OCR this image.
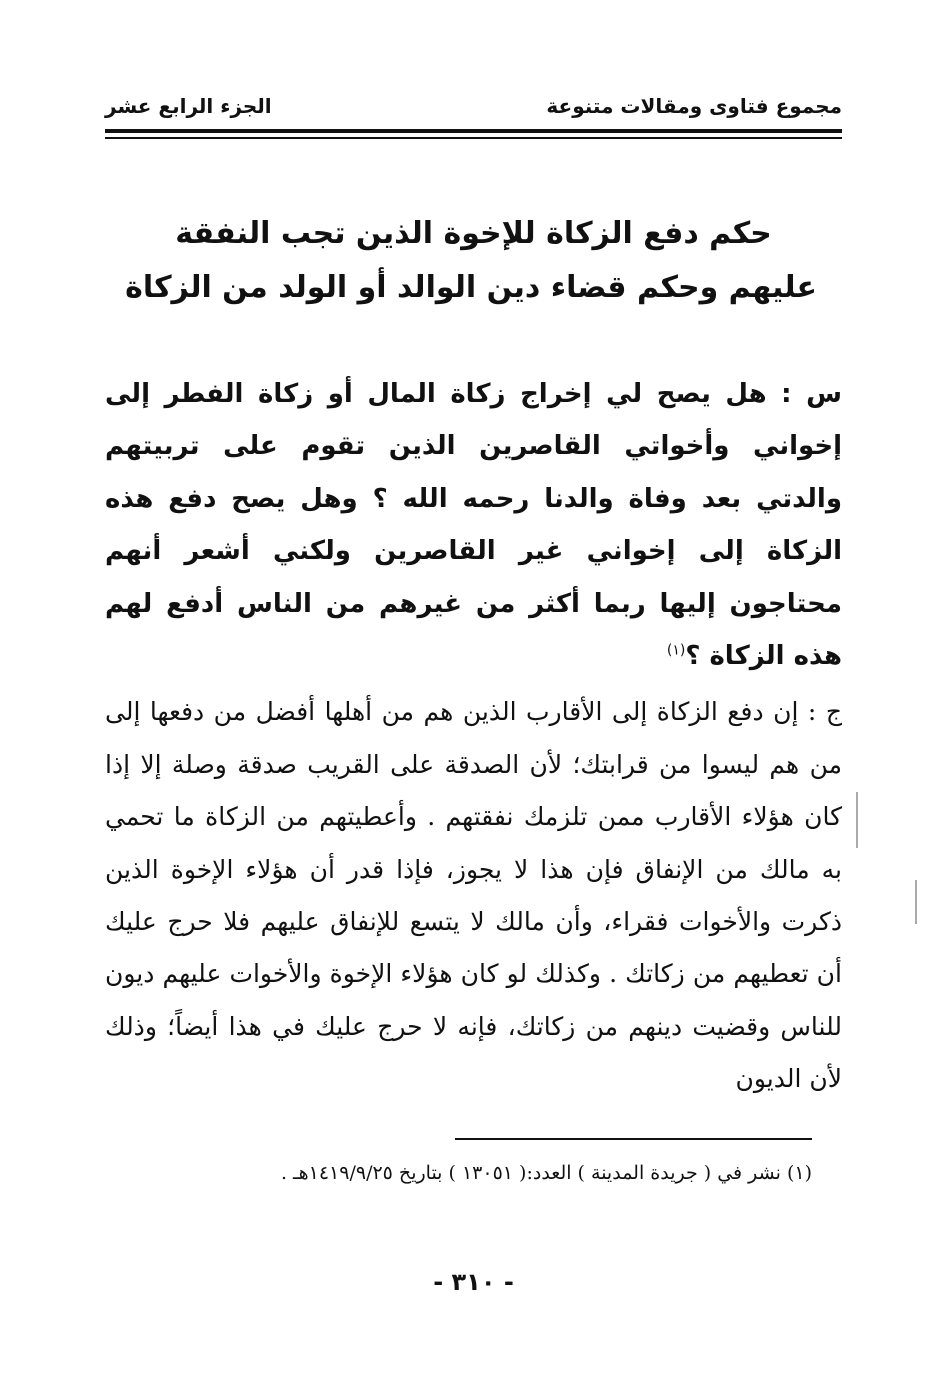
مجموع فتاوى ومقالات متنوعة
الجزء الرابع عشر
حكم دفع الزكاة للإخوة الذين تجب النفقة
عليهم وحكم قضاء دين الوالد أو الولد من الزكاة

س : هل يصح لي إخراج زكاة المال أو زكاة الفطر إلى إخواني وأخواتي القاصرين الذين تقوم على تربيتهم والدتي بعد وفاة والدنا رحمه الله ؟ وهل يصح دفع هذه الزكاة إلى إخواني غير القاصرين ولكني أشعر أنهم محتاجون إليها ربما أكثر من غيرهم من الناس أدفع لهم هذه الزكاة ؟$^{(١)}$

ج : إن دفع الزكاة إلى الأقارب الذين هم من أهلها أفضل من دفعها إلى من هم ليسوا من قرابتك؛ لأن الصدقة على القريب صدقة وصلة إلا إذا كان هؤلاء الأقارب ممن تلزمك نفقتهم . وأعطيتهم من الزكاة ما تحمي به مالك من الإنفاق فإن هذا لا يجوز، فإذا قدر أن هؤلاء الإخوة الذين ذكرت والأخوات فقراء، وأن مالك لا يتسع للإنفاق عليهم فلا حرج عليك أن تعطيهم من زكاتك . وكذلك لو كان هؤلاء الإخوة والأخوات عليهم ديون للناس وقضيت دينهم من زكاتك، فإنه لا حرج عليك في هذا أيضاً؛ وذلك لأن الديون

(١) نشر في ( جريدة المدينة ) العدد:( ١٣٠٥١ ) بتاريخ ١٤١٩/٩/٢٥هـ .
- ٣١٠ -
